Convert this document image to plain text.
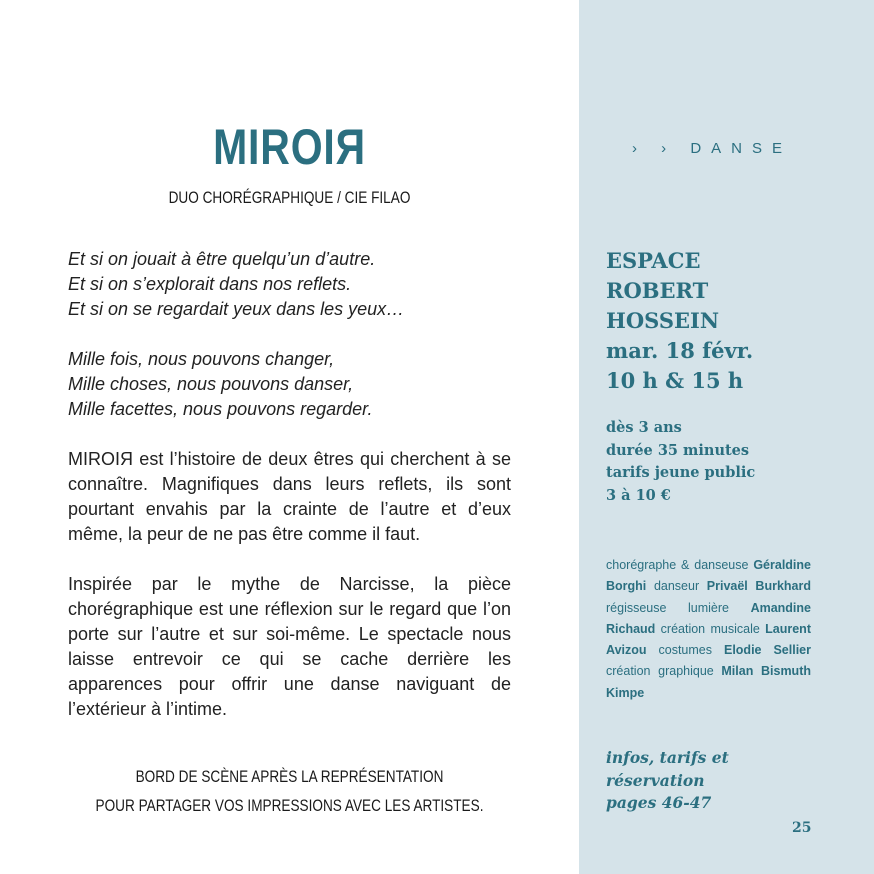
MIROIЯ
DUO CHORÉGRAPHIQUE / CIE FILAO
Et si on jouait à être quelqu’un d’autre.
Et si on s’explorait dans nos reflets.
Et si on se regardait yeux dans les yeux…
Mille fois, nous pouvons changer,
Mille choses, nous pouvons danser,
Mille facettes, nous pouvons regarder.
MIROIЯ est l’histoire de deux êtres qui cherchent à se connaître. Magnifiques dans leurs reflets, ils sont pourtant envahis par la crainte de l’autre et d’eux même, la peur de ne pas être comme il faut.
Inspirée par le mythe de Narcisse, la pièce chorégraphique est une réflexion sur le regard que l’on porte sur l’autre et sur soi-même. Le spectacle nous laisse entrevoir ce qui se cache derrière les apparences pour offrir une danse naviguant de l’extérieur à l’intime.
BORD DE SCÈNE APRÈS LA REPRÉSENTATION
POUR PARTAGER VOS IMPRESSIONS AVEC LES ARTISTES.
› › DANSE
ESPACE
ROBERT
HOSSEIN
mar. 18 févr.
10 h & 15 h
dès 3 ans
durée 35 minutes
tarifs jeune public
3 à 10 €
chorégraphe & danseuse Géraldine Borghi danseur Privaël Burkhard régisseuse lumière Amandine Richaud création musicale Laurent Avizou costumes Elodie Sellier création graphique Milan Bismuth Kimpe
infos, tarifs et
réservation
pages 46-47
25
